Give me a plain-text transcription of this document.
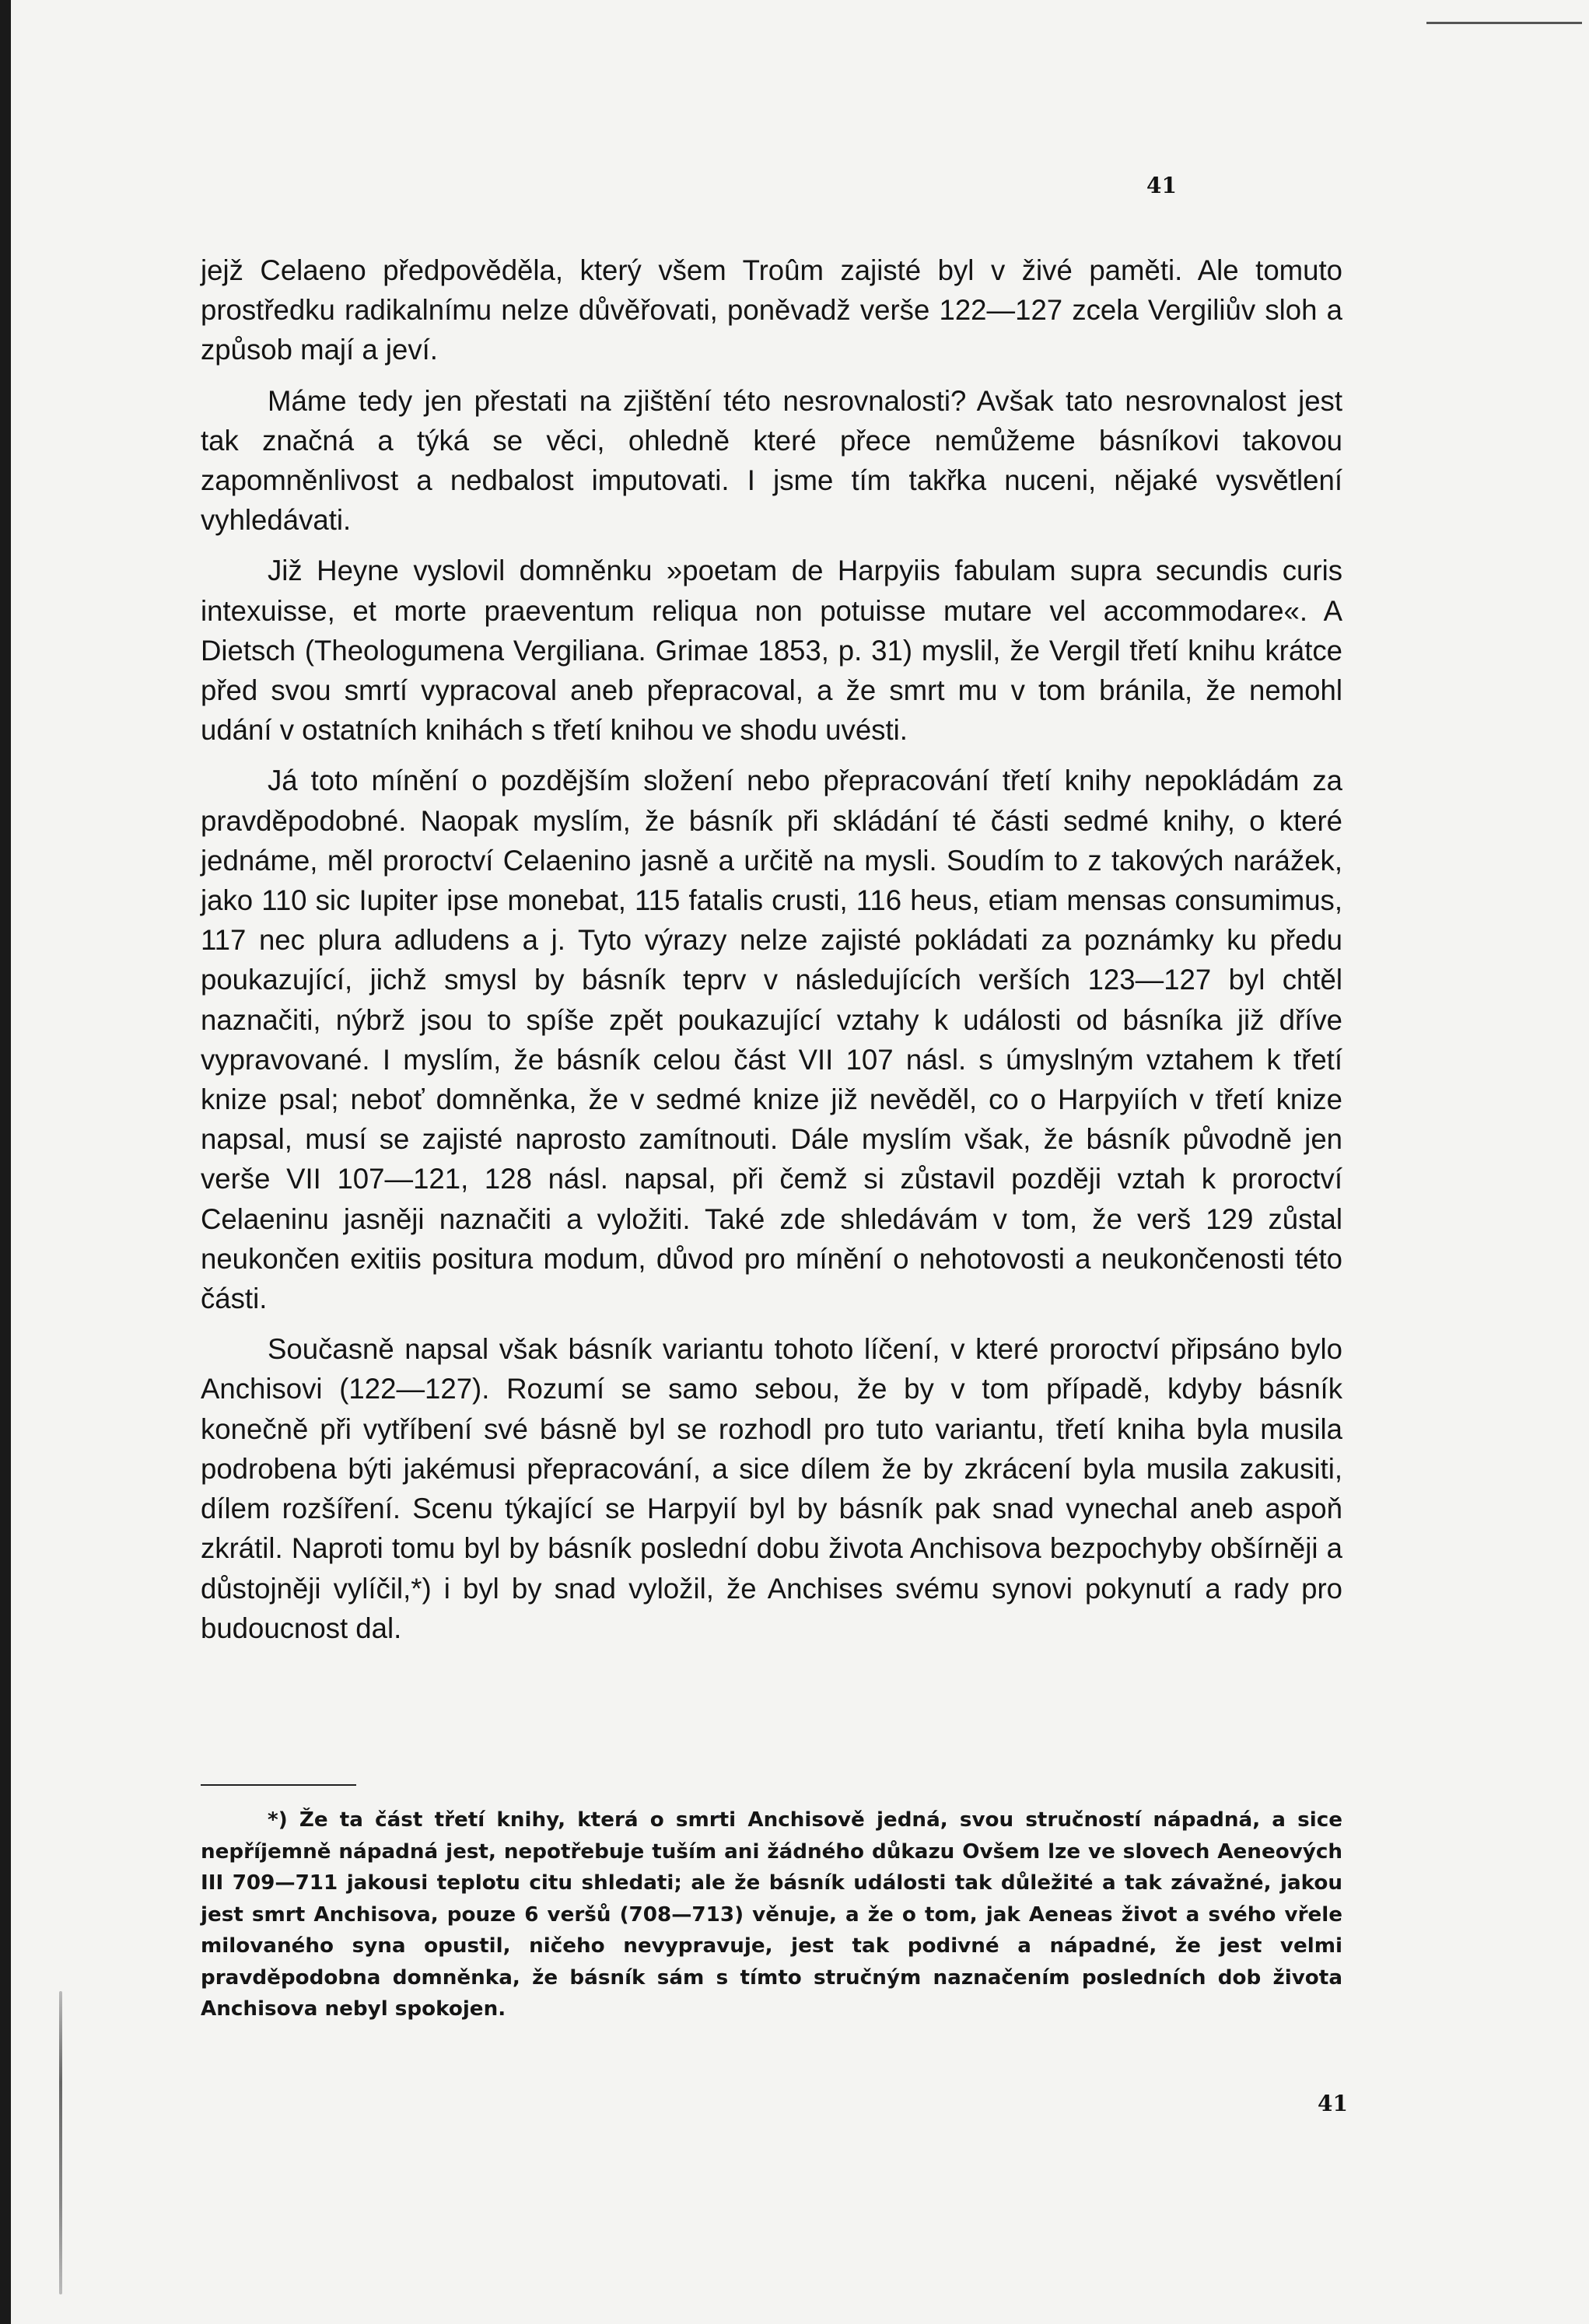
41

jejž Celaeno předpověděla, který všem Troûm zajisté byl v živé paměti. Ale tomuto prostředku radikalnímu nelze důvěřovati, poněvadž verše 122—127 zcela Vergiliův sloh a způsob mají a jeví.

Máme tedy jen přestati na zjištění této nesrovnalosti? Avšak tato nesrovnalost jest tak značná a týká se věci, ohledně které přece nemůžeme básníkovi takovou zapomněnlivost a nedbalost imputovati. I jsme tím takřka nuceni, nějaké vysvětlení vyhledávati.

Již Heyne vyslovil domněnku »poetam de Harpyiis fabulam supra secundis curis intexuisse, et morte praeventum reliqua non potuisse mutare vel accommodare«. A Dietsch (Theologumena Vergiliana. Grimae 1853, p. 31) myslil, že Vergil třetí knihu krátce před svou smrtí vypracoval aneb přepracoval, a že smrt mu v tom bránila, že nemohl udání v ostatních knihách s třetí knihou ve shodu uvésti.

Já toto mínění o pozdějším složení nebo přepracování třetí knihy nepokládám za pravděpodobné. Naopak myslím, že básník při skládání té části sedmé knihy, o které jednáme, měl proroctví Celaenino jasně a určitě na mysli. Soudím to z takových narážek, jako 110 sic Iupiter ipse monebat, 115 fatalis crusti, 116 heus, etiam mensas consumimus, 117 nec plura adludens a j. Tyto výrazy nelze zajisté pokládati za poznámky ku předu poukazující, jichž smysl by básník teprv v následujících verších 123—127 byl chtěl naznačiti, nýbrž jsou to spíše zpět poukazující vztahy k události od básníka již dříve vypravované. I myslím, že básník celou část VII 107 násl. s úmyslným vztahem k třetí knize psal; neboť domněnka, že v sedmé knize již nevěděl, co o Harpyiích v třetí knize napsal, musí se zajisté naprosto zamítnouti. Dále myslím však, že básník původně jen verše VII 107—121, 128 násl. napsal, při čemž si zůstavil později vztah k proroctví Celaeninu jasněji naznačiti a vyložiti. Také zde shledávám v tom, že verš 129 zůstal neukončen exitiis positura modum, důvod pro mínění o nehotovosti a neukončenosti této části.

Současně napsal však básník variantu tohoto líčení, v které proroctví připsáno bylo Anchisovi (122—127). Rozumí se samo sebou, že by v tom případě, kdyby básník konečně při vytříbení své básně byl se rozhodl pro tuto variantu, třetí kniha byla musila podrobena býti jakémusi přepracování, a sice dílem že by zkrácení byla musila zakusiti, dílem rozšíření. Scenu týkající se Harpyií byl by básník pak snad vynechal aneb aspoň zkrátil. Naproti tomu byl by básník poslední dobu života Anchisova bezpochyby obšírněji a důstojněji vylíčil,*) i byl by snad vyložil, že Anchises svému synovi pokynutí a rady pro budoucnost dal.

*) Že ta část třetí knihy, která o smrti Anchisově jedná, svou stručností nápadná, a sice nepříjemně nápadná jest, nepotřebuje tuším ani žádného důkazu Ovšem lze ve slovech Aeneových III 709—711 jakousi teplotu citu shledati; ale že básník události tak důležité a tak závažné, jakou jest smrt Anchisova, pouze 6 veršů (708—713) věnuje, a že o tom, jak Aeneas život a svého vřele milovaného syna opustil, ničeho nevypravuje, jest tak podivné a nápadné, že jest velmi pravděpodobna domněnka, že básník sám s tímto stručným naznačením posledních dob života Anchisova nebyl spokojen.
41
